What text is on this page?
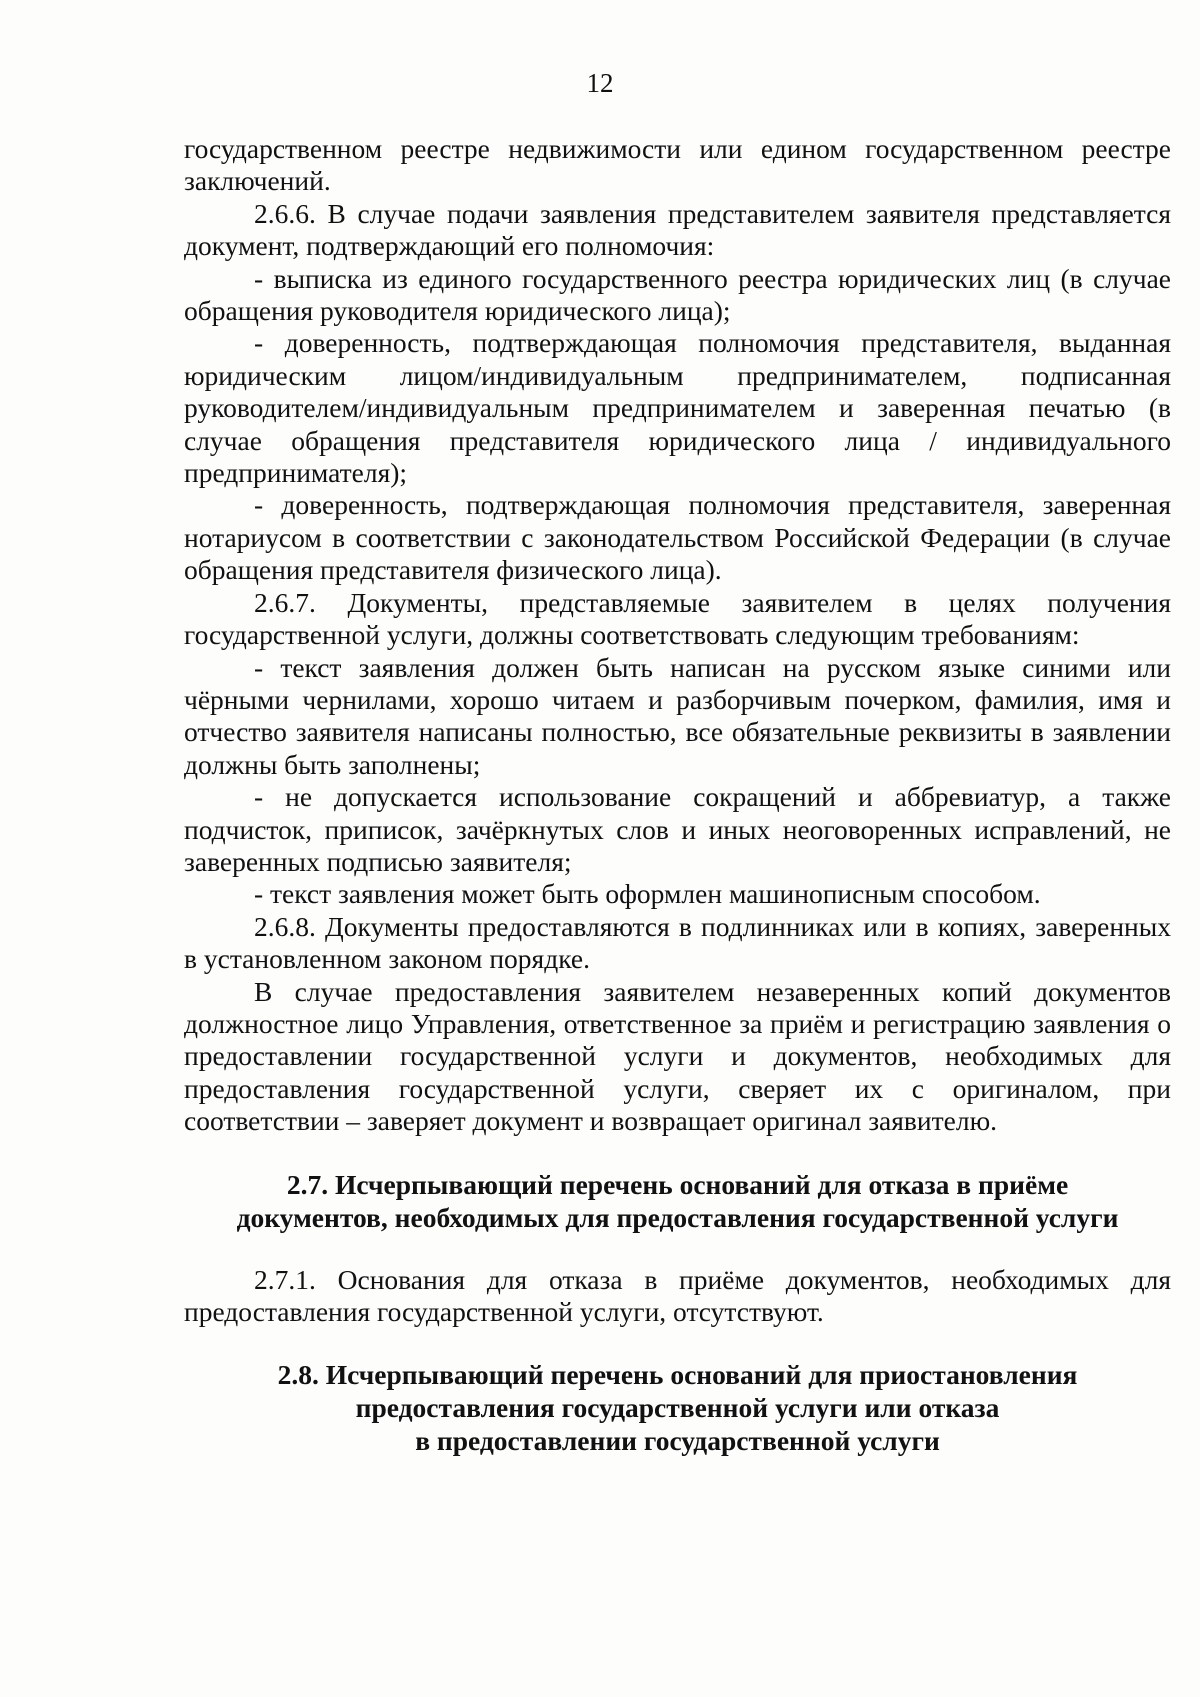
12

государственном реестре недвижимости или едином государственном реестре заключений.

2.6.6. В случае подачи заявления представителем заявителя представляется документ, подтверждающий его полномочия:

- выписка из единого государственного реестра юридических лиц (в случае обращения руководителя юридического лица);

- доверенность, подтверждающая полномочия представителя, выданная юридическим лицом/индивидуальным предпринимателем, подписанная руководителем/индивидуальным предпринимателем и заверенная печатью (в случае обращения представителя юридического лица / индивидуального предпринимателя);

- доверенность, подтверждающая полномочия представителя, заверенная нотариусом в соответствии с законодательством Российской Федерации (в случае обращения представителя физического лица).

2.6.7. Документы, представляемые заявителем в целях получения государственной услуги, должны соответствовать следующим требованиям:

- текст заявления должен быть написан на русском языке синими или чёрными чернилами, хорошо читаем и разборчивым почерком, фамилия, имя и отчество заявителя написаны полностью, все обязательные реквизиты в заявлении должны быть заполнены;

- не допускается использование сокращений и аббревиатур, а также подчисток, приписок, зачёркнутых слов и иных неоговоренных исправлений, не заверенных подписью заявителя;

- текст заявления может быть оформлен машинописным способом.

2.6.8. Документы предоставляются в подлинниках или в копиях, заверенных в установленном законом порядке.

В случае предоставления заявителем незаверенных копий документов должностное лицо Управления, ответственное за приём и регистрацию заявления о предоставлении государственной услуги и документов, необходимых для предоставления государственной услуги, сверяет их с оригиналом, при соответствии – заверяет документ и возвращает оригинал заявителю.

2.7. Исчерпывающий перечень оснований для отказа в приёме
документов, необходимых для предоставления государственной услуги

2.7.1. Основания для отказа в приёме документов, необходимых для предоставления государственной услуги, отсутствуют.

2.8. Исчерпывающий перечень оснований для приостановления
предоставления государственной услуги или отказа
в предоставлении государственной услуги
